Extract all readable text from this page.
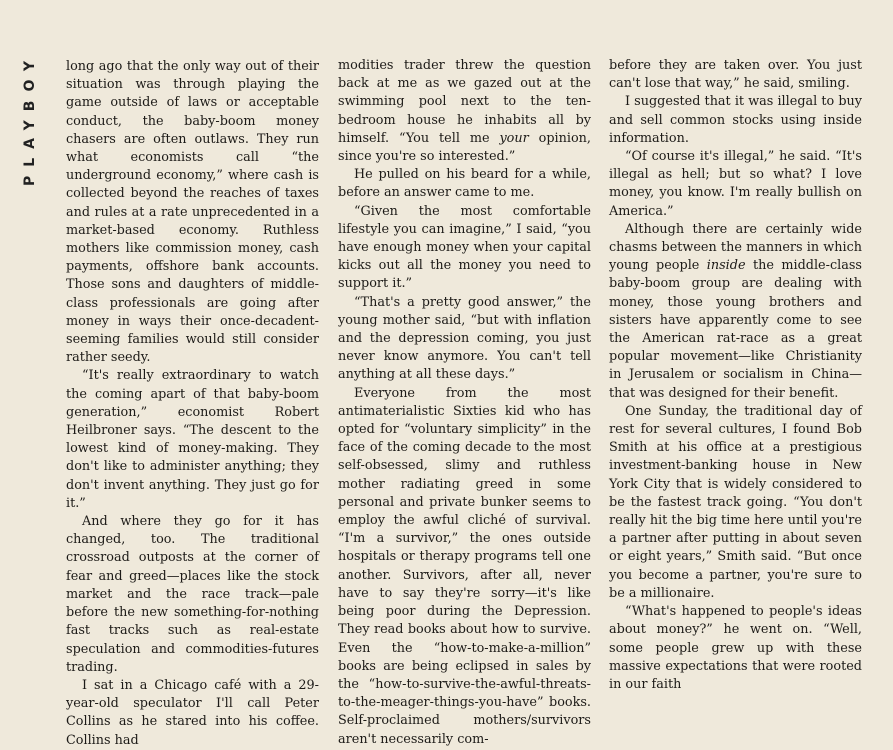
PLAYBOY long ago that the only way out of their situation was through playing the game outside of laws or acceptable conduct, the baby-boom money chasers are often outlaws. They run what economists call “the underground economy,” where cash is collected beyond the reaches of taxes and rules at a rate unprecedented in a market-based economy. Ruthless mothers like commission money, cash payments, offshore bank accounts. Those sons and daughters of middle-class professionals are going after money in ways their once-decadent-seeming families would still consider rather seedy.

“It's really extraordinary to watch the coming apart of that baby-boom generation,” economist Robert Heilbroner says. “The descent to the lowest kind of money-making. They don't like to administer anything; they don't invent anything. They just go for it.”

And where they go for it has changed, too. The traditional crossroad outposts at the corner of fear and greed—places like the stock market and the race track—pale before the new something-for-nothing fast tracks such as real-estate speculation and commodities-futures trading.

I sat in a Chicago café with a 29-year-old speculator I'll call Peter Collins as he stared into his coffee. Collins had

modities trader threw the question back at me as we gazed out at the swimming pool next to the ten-bedroom house he inhabits all by himself. “You tell me your opinion, since you're so interested.”

He pulled on his beard for a while, before an answer came to me.

“Given the most comfortable lifestyle you can imagine,” I said, “you have enough money when your capital kicks out all the money you need to support it.”

“That's a pretty good answer,” the young mother said, “but with inflation and the depression coming, you just never know anymore. You can't tell anything at all these days.”

Everyone from the most antimaterialistic Sixties kid who has opted for “voluntary simplicity” in the face of the coming decade to the most self-obsessed, slimy and ruthless mother radiating greed in some personal and private bunker seems to employ the awful cliché of survival. “I'm a survivor,” the ones outside hospitals or therapy programs tell one another. Survivors, after all, never have to say they're sorry—it's like being poor during the Depression. They read books about how to survive. Even the “how-to-make-a-million” books are being eclipsed in sales by the “how-to-survive-the-awful-threats-to-the-meager-things-you-have” books. Self-proclaimed mothers/survivors aren't necessarily com-

before they are taken over. You just can't lose that way,” he said, smiling.

I suggested that it was illegal to buy and sell common stocks using inside information.

“Of course it's illegal,” he said. “It's illegal as hell; but so what? I love money, you know. I'm really bullish on America.”

Although there are certainly wide chasms between the manners in which young people inside the middle-class baby-boom group are dealing with money, those young brothers and sisters have apparently come to see the American rat-race as a great popular movement—like Christianity in Jerusalem or socialism in China—that was designed for their benefit.

One Sunday, the traditional day of rest for several cultures, I found Bob Smith at his office at a prestigious investment-banking house in New York City that is widely considered to be the fastest track going. “You don't really hit the big time here until you're a partner after putting in about seven or eight years,” Smith said. “But once you become a partner, you're sure to be a millionaire.

“What's happened to people's ideas about money?” he went on. “Well, some people grew up with these massive expectations that were rooted in our faith
